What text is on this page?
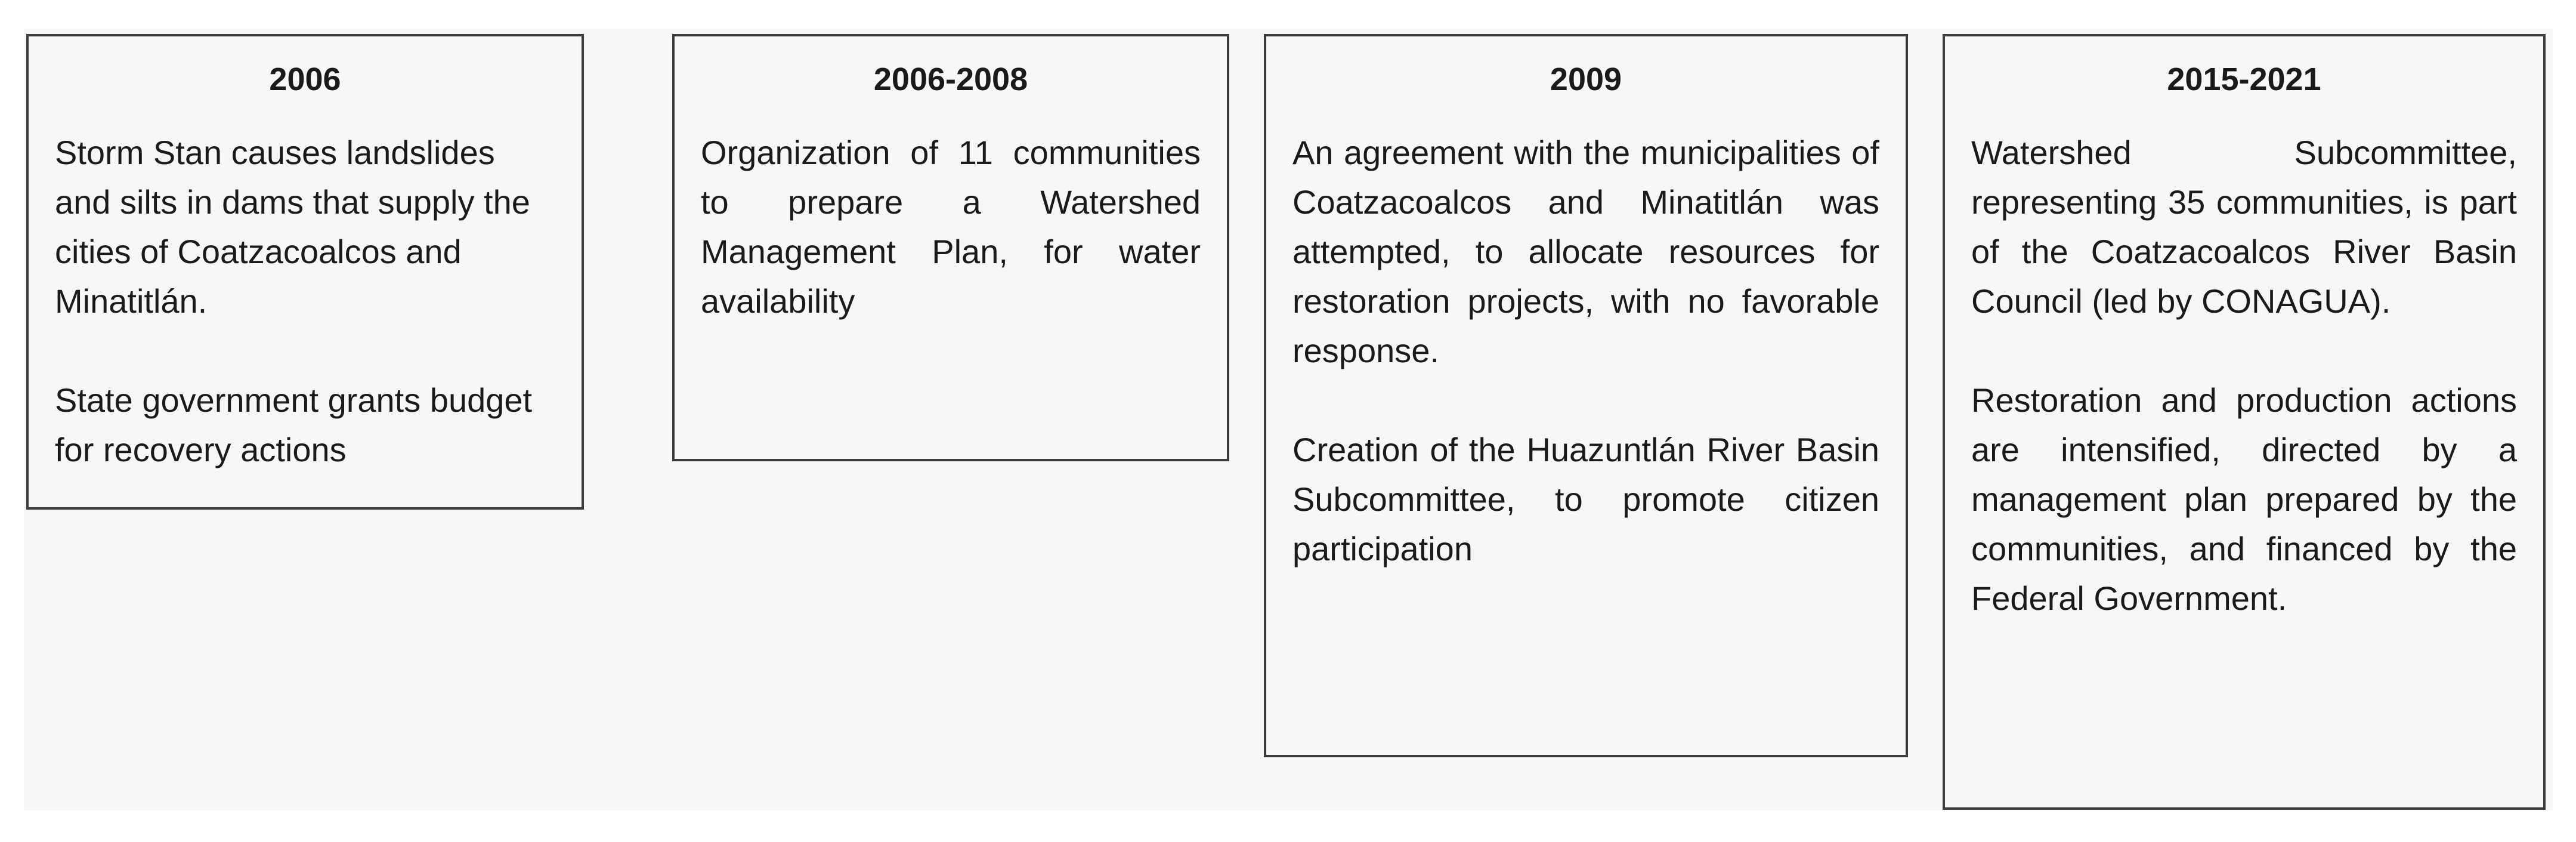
2006

Storm Stan causes landslides and silts in dams that supply the cities of Coatzacoalcos and Minatitlán.

State government grants budget for recovery actions

2006-2008

Organization of 11 communities to prepare a Watershed Management Plan, for water availability

2009

An agreement with the municipalities of Coatzacoalcos and Minatitlán was attempted, to allocate resources for restoration projects, with no favorable response.

Creation of the Huazuntlán River Basin Subcommittee, to promote citizen participation

2015-2021

Watershed Subcommittee, representing 35 communities, is part of the Coatzacoalcos River Basin Council (led by CONAGUA).

Restoration and production actions are intensified, directed by a management plan prepared by the communities, and financed by the Federal Government.
